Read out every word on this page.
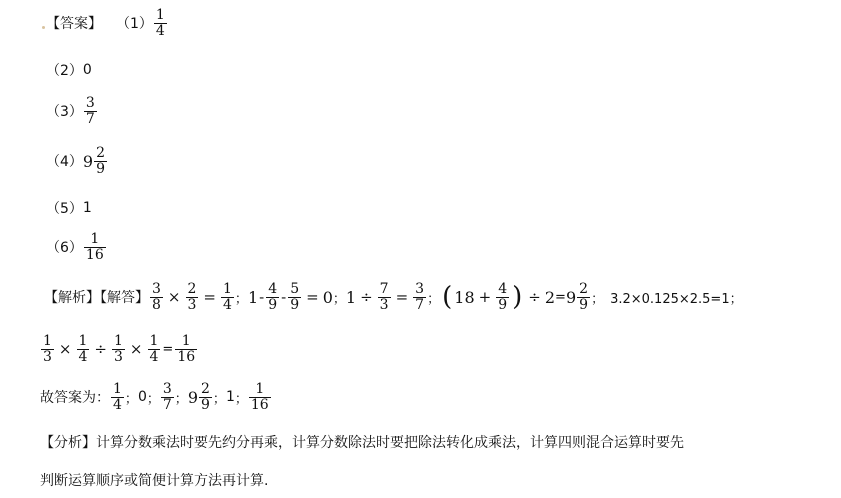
【答案】 $(1) \frac{1}{4}$
（2） 0
$(3) \frac{3}{7}$
（4） $9 \frac{2}{9}$
（5） 1
$(6) \frac{1}{16}$
【解析】【解答】 $\frac{3}{8} \times \frac{2}{3} = \frac{1}{4}$ ； $1 - \frac{4}{9} - \frac{5}{9} = 0$ ； $1 \div \frac{7}{3} = \frac{3}{7}$ ； ( $18 + \frac{4}{9}$ ) ÷ $2 = 9 \frac{2}{9}$ ； 3.2×0.125×2.5=1；
$\frac{1}{3} \times \frac{1}{4} \div \frac{1}{3} \times \frac{1}{4} = \frac{1}{16}$
故答案为： $\frac{1}{4}$ ； 0 ； $\frac{3}{7}$ ； $9 \frac{2}{9}$ ； 1 ； $\frac{1}{16}$
【分析】计算分数乘法时要先约分再乘，计算分数除法时要把除法转化成乘法，计算四则混合运算时要先
判断运算顺序或简便计算方法再计算.
